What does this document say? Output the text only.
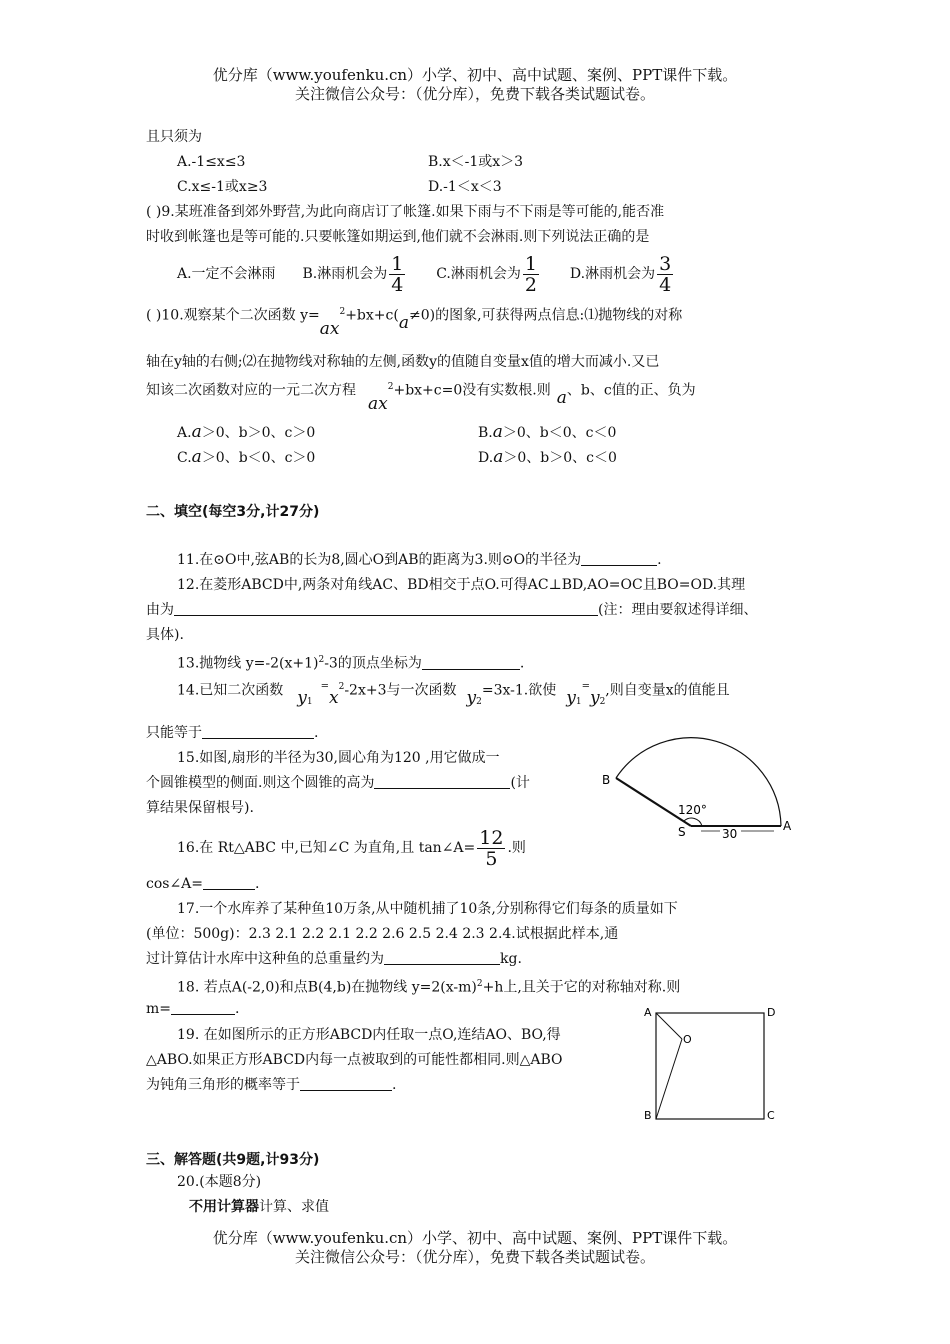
优分库（www.youfenku.cn）小学、初中、高中试题、案例、PPT课件下载。
关注微信公众号：（优分库），免费下载各类试题试卷。
且只须为
A.-1≤x≤3	B.x＜-1或x＞3
C.x≤-1或x≥3	D.-1＜x＜3
( )9.某班准备到郊外野营,为此向商店订了帐篷.如果下雨与不下雨是等可能的,能否准
时收到帐篷也是等可能的.只要帐篷如期运到,他们就不会淋雨.则下列说法正确的是
A.一定不会淋雨 B.淋雨机会为 $\frac{1}{4} C$.淋雨机会为 $\frac{1}{2} D$.淋雨机会为 $\frac{3}{4}$
( )10.观察某个二次函数 $y=ax^2+bx+c(a\ne 0)$的图象,可获得两点信息:⑴抛物线的对称
轴在y轴的右侧;⑵在抛物线对称轴的左侧,函数y的值随自变量x值的增大而减小.又已
知该二次函数对应的一元二次方程$ax^2+bx+c=0$没有实数根.则 a、b、c值的正、负为
A.a＞0、b＞0、c＞0	B.a＞0、b＜0、c＜0
C.a＞0、b＜0、c＞0	D.a＞0、b＞0、c＜0
二、填空(每空3分,计27分)
11.在⊙O中,弦AB的长为8,圆心O到AB的距离为3.则⊙O的半径为	.
12.在菱形ABCD中,两条对角线AC、BD相交于点O.可得AC⊥BD,AO=OC且BO=OD.其理
由为	(注：理由要叙述得详细、
具体).
13.抛物线 $y=-2(x+1)^2-3$的顶点坐标为	.
14.已知二次函数 $y_1^=x^2-2x+3$与一次函数 $y_2=3x-1$.欲使 $y_1^=y_2$,则自变量x的值能且
只能等于	.
15.如图,扇形的半径为30,圆心角为120 ,用它做成一
个圆锥模型的侧面.则这个圆锥的高为	(计
算结果保留根号).
B
S	A
120°
30
16.在 Rt△ABC 中,已知∠C 为直角,且 tan∠A= $\frac{12}{5}$ .则
cos∠A=	.
17.一个水库养了某种鱼10万条,从中随机捕了10条,分别称得它们每条的质量如下
(单位：500g)：2.3 2.1 2.2 2.1 2.2 2.6 2.5 2.4 2.3 2.4.试根据此样本,通
过计算估计水库中这种鱼的总重量约为	kg.
18. 若点A(-2,0)和点B(4,b)在抛物线 $y=2(x-m)^2+h$上,且关于它的对称轴对称.则
m=	.
19. 在如图所示的正方形ABCD内任取一点O,连结AO、BO,得
△ABO.如果正方形ABCD内每一点被取到的可能性都相同.则△ABO
为钝角三角形的概率等于	.
A	D
O
B	C
三、解答题(共9题,计93分)
20.(本题8分)
不用计算器计算、求值
优分库（www.youfenku.cn）小学、初中、高中试题、案例、PPT课件下载。
关注微信公众号：（优分库），免费下载各类试题试卷。
